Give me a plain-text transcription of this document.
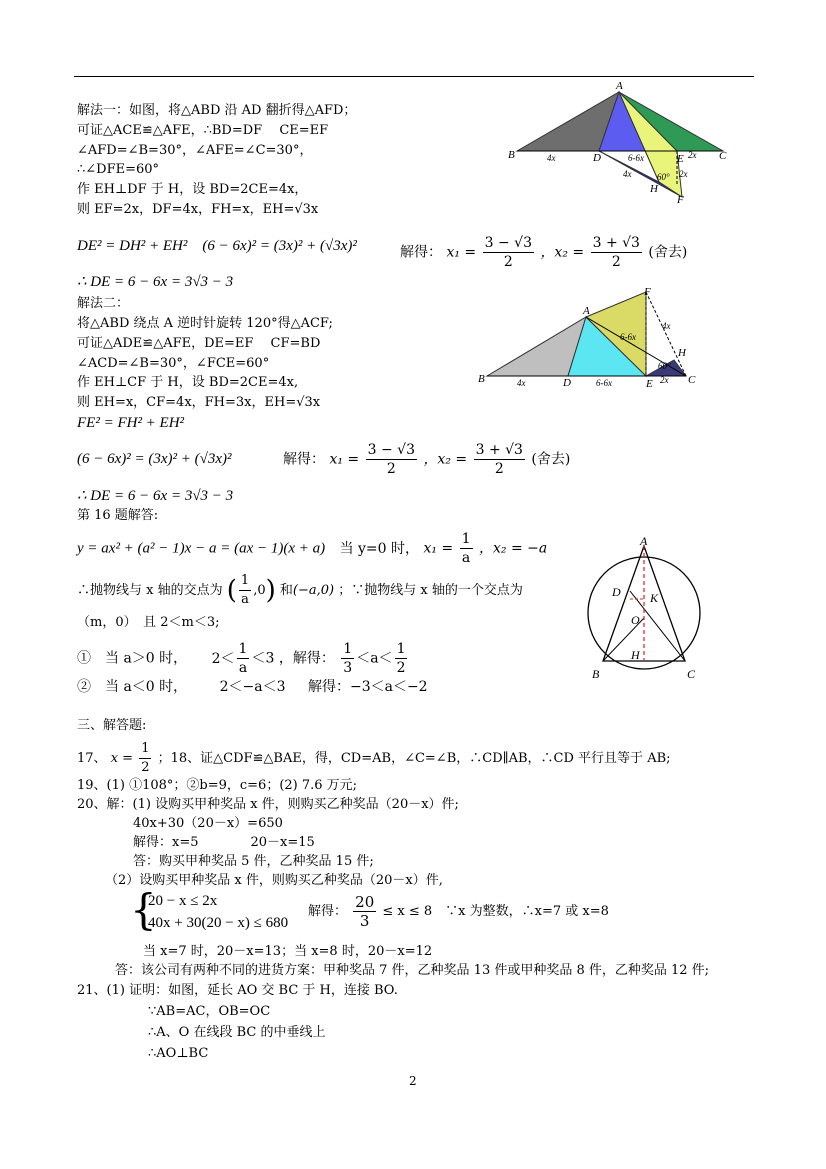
解法一：如图，将△ABD 沿 AD 翻折得△AFD；
可证△ACE≌△AFE，∴BD=DF　 CE=EF
∠AFD=∠B=30°，∠AFE=∠C=30°，
∴∠DFE=60°
作 EH⊥DF 于 H，设 BD=2CE=4x，
则 EF=2x，DF=4x，FH=x，EH=√3x
DE² = DH² + EH²　(6 − 6x)² = (3x)² + (√3x)²	解得： $x_1 = \frac{3 - √3}{2}$ ，$x_2 = \frac{3 + √3}{2}$ (舍去)
∴ DE = 6 − 6x = 3√3 − 3
解法二：
将△ABD 绕点 A 逆时针旋转 120°得△ACF;
可证△ADE≌△AFE，DE=EF　 CF=BD
∠ACD=∠B=30°，∠FCE=60°
作 EH⊥CF 于 H，设 BD=2CE=4x,
则 EH=x，CF=4x，FH=3x，EH=√3x
FE² = FH² + EH²
(6 − 6x)² = (3x)² + (√3x)²	解得： $x_1 = \frac{3 - √3}{2}$ ，$x_2 = \frac{3 + √3}{2}$ (舍去)
∴ DE = 6 − 6x = 3√3 − 3
第 16 题解答:
y = ax² + (a² − 1)x − a = (ax − 1)(x + a) 当 y=0 时， $x_1 = \frac{1}{a}$ ，x₂ = −a
∴抛物线与 x 轴的交点为 ( $\frac{1}{a} ,0$) 和(−a,0) ；∵抛物线与 x 轴的一个交点为
（m，0）　且 2＜m＜3;
①　当 a＞0 时， $2< \frac{1}{a} <3$ ，解得： $\frac{1}{3} <a< \frac{1}{2}$
②　当 a＜0 时， 2＜−a＜3 解得：−3＜a＜−2
三、解答题:
17、 $x = \frac{1}{2}$ ；18、证△CDF≌△BAE，得，CD=AB，∠C=∠B，∴CD∥AB，∴CD 平行且等于 AB;
19、(1) ①108°；②b=9，c=6；(2) 7.6 万元;
20、解：(1) 设购买甲种奖品 x 件，则购买乙种奖品（20－x）件;
40x+30（20－x）=650
解得：x=5　　　　20－x=15
答：购买甲种奖品 5 件，乙种奖品 15 件;
（2）设购买甲种奖品 x 件，则购买乙种奖品（20－x）件,
{
20 − x ≤ 2x
40x + 30(20 − x) ≤ 680
解得： $\frac{20}{3} \le x \le 8$　∵x 为整数，∴x=7 或 x=8
当 x=7 时，20－x=13；当 x=8 时，20－x=12
答：该公司有两种不同的进货方案：甲种奖品 7 件，乙种奖品 13 件或甲种奖品 8 件，乙种奖品 12 件;
21、(1) 证明：如图，延长 AO 交 BC 于 H，连接 BO.
∵AB=AC，OB=OC
∴A、O 在线段 BC 的中垂线上
∴AO⊥BC
2
A
B	C
D	E
F
H
4x	6-6x	2x
2x
4x	60°
A
B	C
D	E
F
H
4x	6-6x	2x
4x
60°
6-6x
A
D K
O
H
B	C
